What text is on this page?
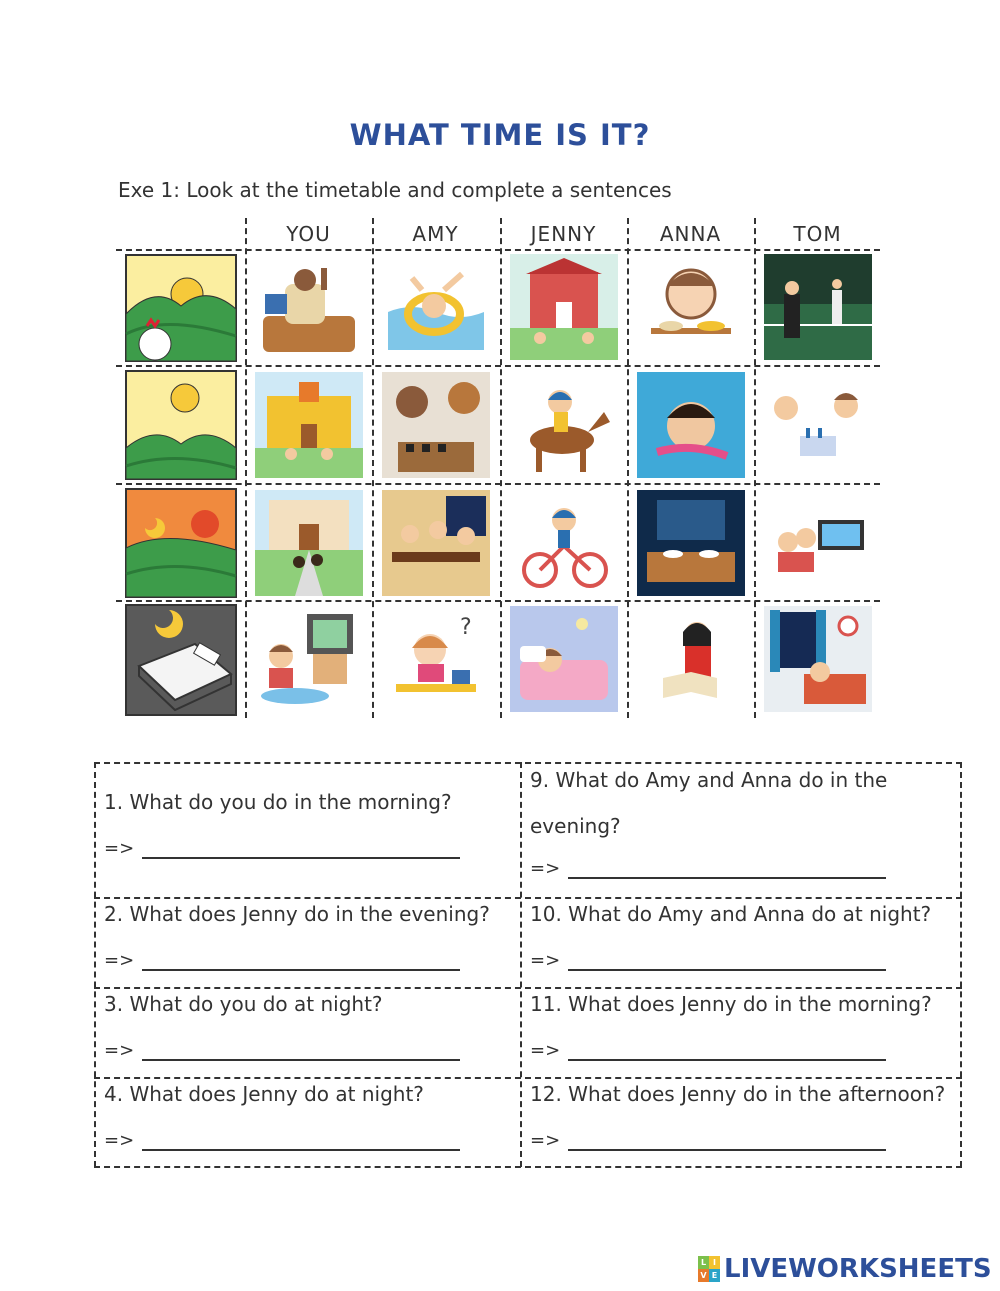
WHAT TIME IS IT?
Exe 1: Look at the timetable and complete a sentences
YOU	AMY	JENNY	ANNA	TOM
?
1. What do you do in the morning?
=>
9. What do Amy and Anna do in the
evening?
=>
2. What does Jenny do in the evening?
=>
10. What do Amy and Anna do at night?
=>
3. What do you do at night?
=>
11. What does Jenny do in the morning?
=>
4. What does Jenny do at night?
=>
12. What does Jenny do in the afternoon?
=>
L I
V E LIVEWORKSHEETS
